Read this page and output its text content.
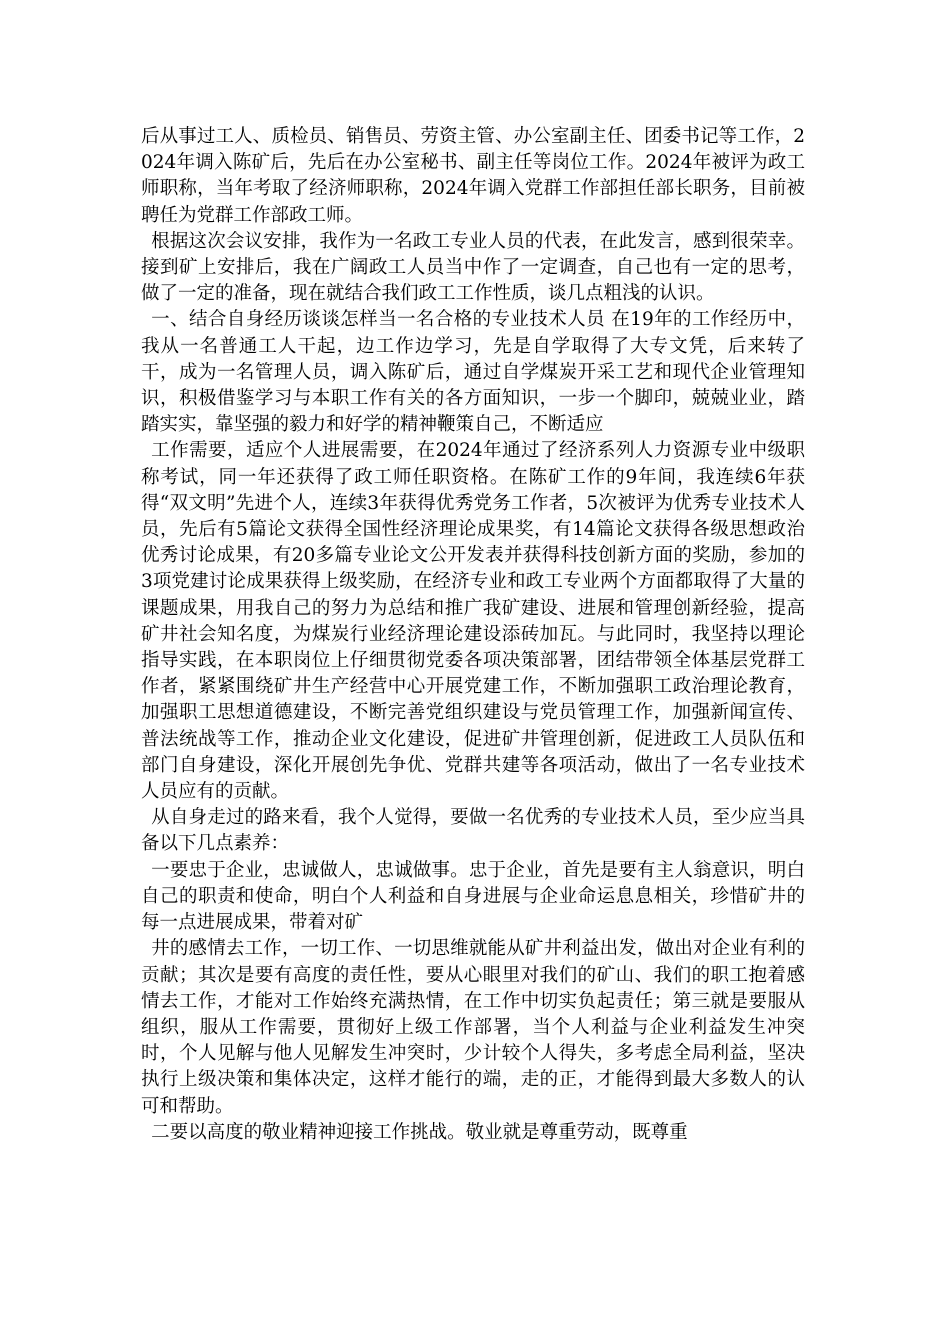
后从事过工人、质检员、销售员、劳资主管、办公室副主任、团委书记等工作，2024年调入陈矿后，先后在办公室秘书、副主任等岗位工作。2024年被评为政工师职称，当年考取了经济师职称，2024年调入党群工作部担任部长职务，目前被聘任为党群工作部政工师。

根据这次会议安排，我作为一名政工专业人员的代表，在此发言，感到很荣幸。接到矿上安排后，我在广阔政工人员当中作了一定调查，自己也有一定的思考，做了一定的准备，现在就结合我们政工工作性质，谈几点粗浅的认识。

一、结合自身经历谈谈怎样当一名合格的专业技术人员 在19年的工作经历中，我从一名普通工人干起，边工作边学习，先是自学取得了大专文凭，后来转了干，成为一名管理人员，调入陈矿后，通过自学煤炭开采工艺和现代企业管理知识，积极借鉴学习与本职工作有关的各方面知识，一步一个脚印，兢兢业业，踏踏实实，靠坚强的毅力和好学的精神鞭策自己，不断适应

工作需要，适应个人进展需要，在2024年通过了经济系列人力资源专业中级职称考试，同一年还获得了政工师任职资格。在陈矿工作的9年间，我连续6年获得“双文明”先进个人，连续3年获得优秀党务工作者，5次被评为优秀专业技术人员，先后有5篇论文获得全国性经济理论成果奖，有14篇论文获得各级思想政治优秀讨论成果，有20多篇专业论文公开发表并获得科技创新方面的奖励，参加的3项党建讨论成果获得上级奖励，在经济专业和政工专业两个方面都取得了大量的课题成果，用我自己的努力为总结和推广我矿建设、进展和管理创新经验，提高矿井社会知名度，为煤炭行业经济理论建设添砖加瓦。与此同时，我坚持以理论指导实践，在本职岗位上仔细贯彻党委各项决策部署，团结带领全体基层党群工作者，紧紧围绕矿井生产经营中心开展党建工作，不断加强职工政治理论教育，加强职工思想道德建设，不断完善党组织建设与党员管理工作，加强新闻宣传、普法统战等工作，推动企业文化建设，促进矿井管理创新，促进政工人员队伍和部门自身建设，深化开展创先争优、党群共建等各项活动，做出了一名专业技术人员应有的贡献。

从自身走过的路来看，我个人觉得，要做一名优秀的专业技术人员，至少应当具备以下几点素养：

一要忠于企业，忠诚做人，忠诚做事。忠于企业，首先是要有主人翁意识，明白自己的职责和使命，明白个人利益和自身进展与企业命运息息相关，珍惜矿井的每一点进展成果，带着对矿

井的感情去工作，一切工作、一切思维就能从矿井利益出发，做出对企业有利的贡献；其次是要有高度的责任性，要从心眼里对我们的矿山、我们的职工抱着感情去工作，才能对工作始终充满热情，在工作中切实负起责任；第三就是要服从组织，服从工作需要，贯彻好上级工作部署，当个人利益与企业利益发生冲突时，个人见解与他人见解发生冲突时，少计较个人得失，多考虑全局利益，坚决执行上级决策和集体决定，这样才能行的端，走的正，才能得到最大多数人的认可和帮助。

二要以高度的敬业精神迎接工作挑战。敬业就是尊重劳动，既尊重
